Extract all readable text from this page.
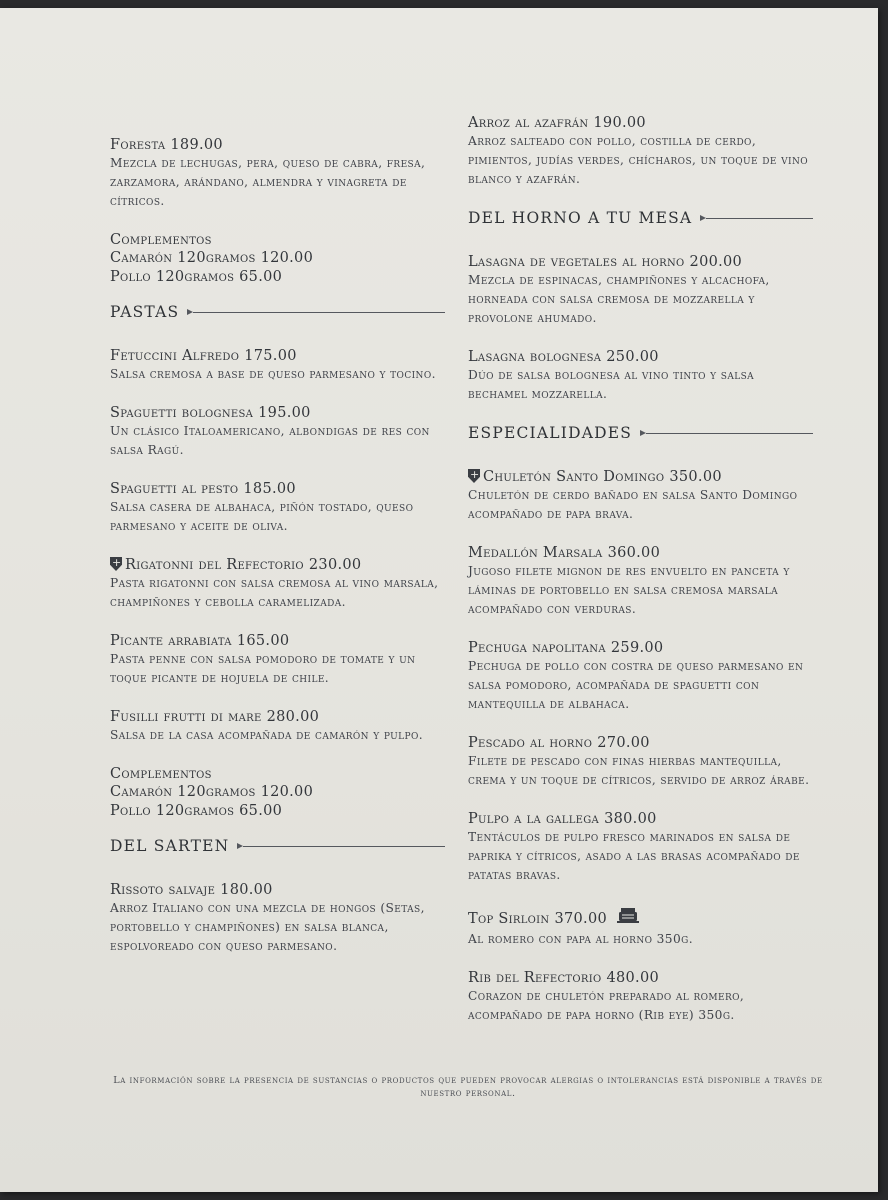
Foresta 189.00
Mezcla de lechugas, pera, queso de cabra, fresa, zarzamora, arándano, almendra y vinagreta de cítricos.
Complementos
Camarón 120gramos 120.00
Pollo 120gramos 65.00
PASTAS
Fetuccini Alfredo 175.00
Salsa cremosa a base de queso parmesano y tocino.
Spaguetti bolognesa 195.00
Un clásico Italoamericano, albondigas de res con salsa Ragú.
Spaguetti al pesto 185.00
Salsa casera de albahaca, piñón tostado, queso parmesano y aceite de oliva.
+Rigatonni del Refectorio 230.00
Pasta rigatonni con salsa cremosa al vino marsala, champiñones y cebolla caramelizada.
Picante arrabiata 165.00
Pasta penne con salsa pomodoro de tomate y un toque picante de hojuela de chile.
Fusilli frutti di mare 280.00
Salsa de la casa acompañada de camarón y pulpo.
Complementos
Camarón 120gramos 120.00
Pollo 120gramos 65.00
DEL SARTEN
Rissoto salvaje 180.00
Arroz Italiano con una mezcla de hongos (Setas, portobello y champiñones) en salsa blanca, espolvoreado con queso parmesano.
Arroz al azafrán 190.00
Arroz salteado con pollo, costilla de cerdo, pimientos, judías verdes, chícharos, un toque de vino blanco y azafrán.
DEL HORNO A TU MESA
Lasagna de vegetales al horno 200.00
Mezcla de espinacas, champiñones y alcachofa, horneada con salsa cremosa de mozzarella y provolone ahumado.
Lasagna bolognesa 250.00
Dúo de salsa bolognesa al vino tinto y salsa bechamel mozzarella.
ESPECIALIDADES
+Chuletón Santo Domingo 350.00
Chuletón de cerdo bañado en salsa Santo Domingo acompañado de papa brava.
Medallón Marsala 360.00
Jugoso filete mignon de res envuelto en panceta y láminas de portobello en salsa cremosa marsala acompañado con verduras.
Pechuga napolitana 259.00
Pechuga de pollo con costra de queso parmesano en salsa pomodoro, acompañada de spaguetti con mantequilla de albahaca.
Pescado al horno 270.00
Filete de pescado con finas hierbas mantequilla, crema y un toque de cítricos, servido de arroz árabe.
Pulpo a la gallega 380.00
Tentáculos de pulpo fresco marinados en salsa de paprika y cítricos, asado a las brasas acompañado de patatas bravas.
Top Sirloin 370.00
Al romero con papa al horno 350g.
Rib del Refectorio 480.00
Corazon de chuletón preparado al romero, acompañado de papa horno (Rib eye) 350g.
La información sobre la presencia de sustancias o productos que pueden provocar alergias o intolerancias está disponible a través de nuestro personal.
